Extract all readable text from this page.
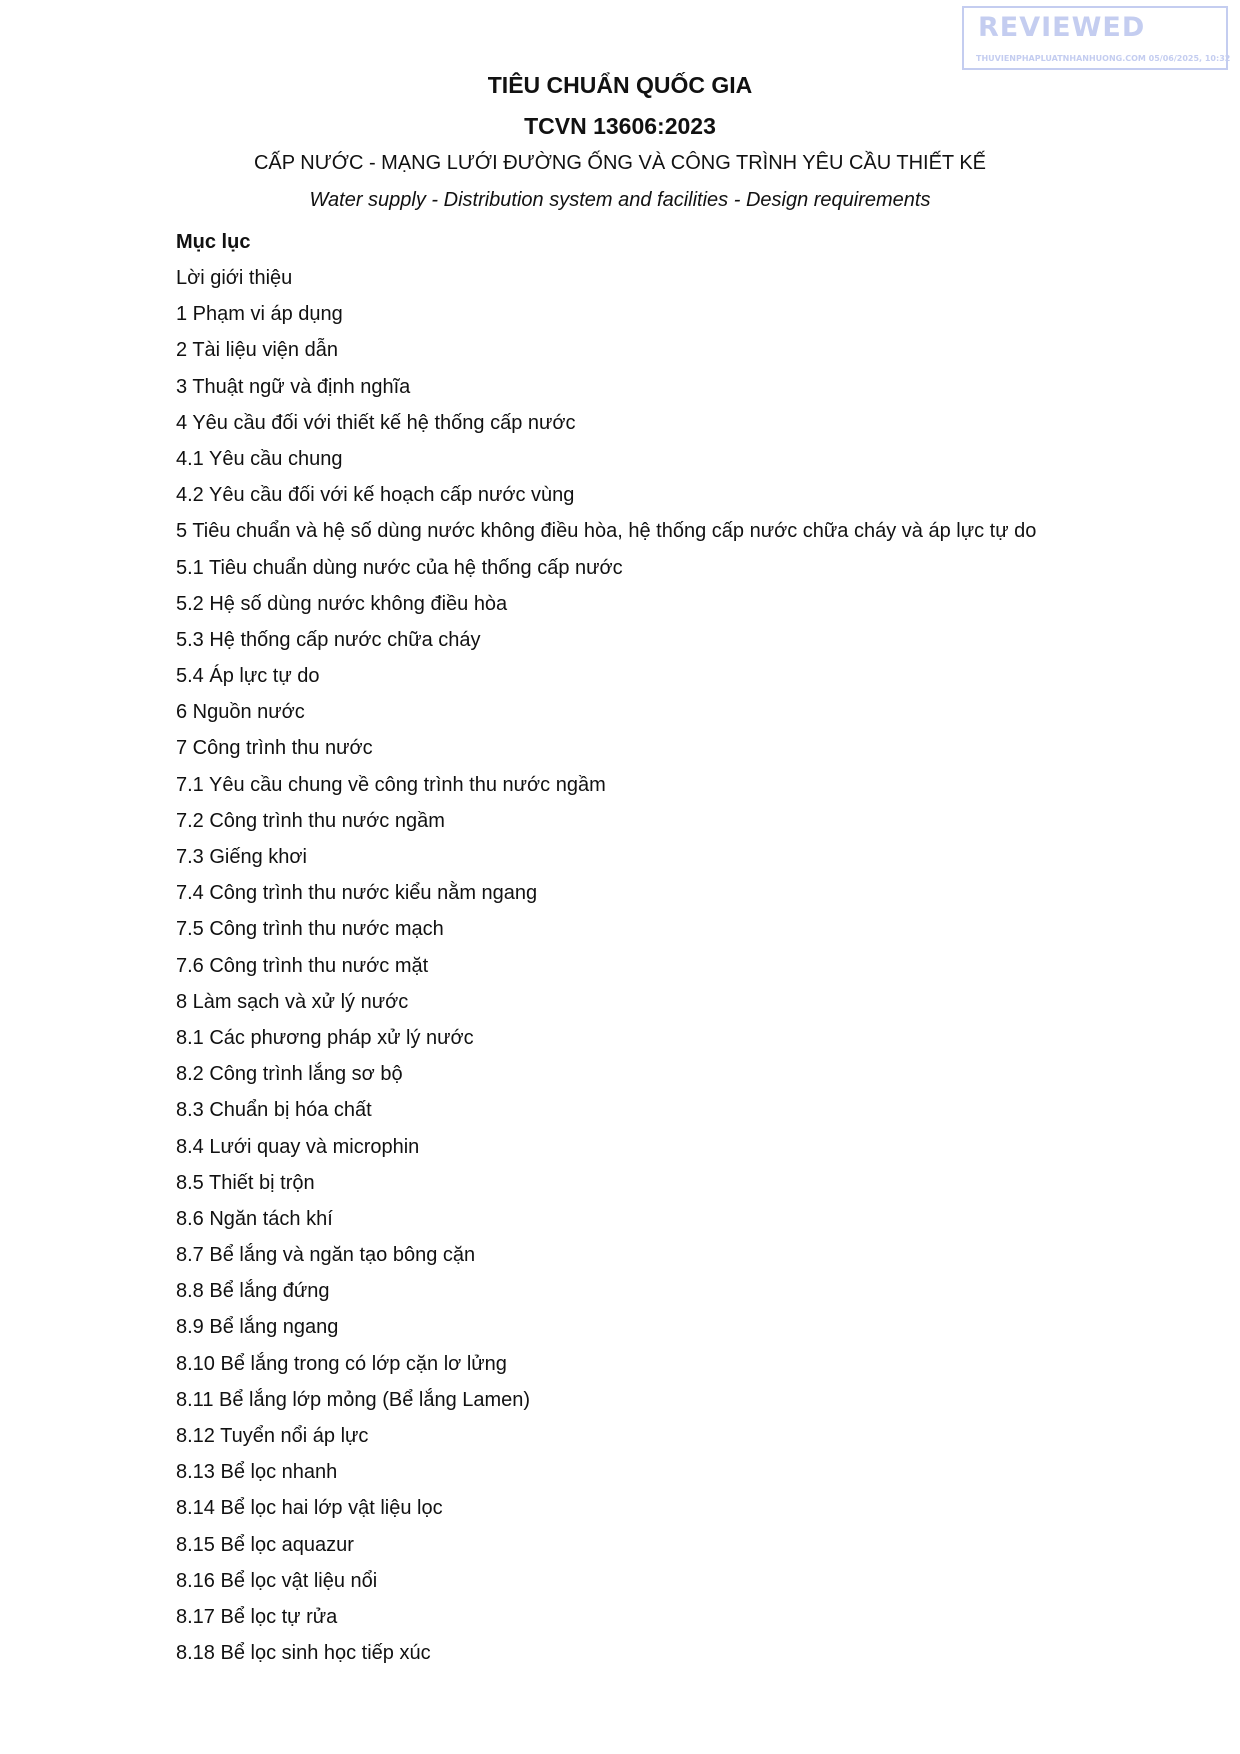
REVIEWED
THUVIENPHAPLUATNHANHUONG.COM 05/06/2025, 10:32
TIÊU CHUẨN QUỐC GIA
TCVN 13606:2023
CẤP NƯỚC - MẠNG LƯỚI ĐƯỜNG ỐNG VÀ CÔNG TRÌNH YÊU CẦU THIẾT KẾ
Water supply - Distribution system and facilities - Design requirements
Mục lục
Lời giới thiệu
1 Phạm vi áp dụng
2 Tài liệu viện dẫn
3 Thuật ngữ và định nghĩa
4 Yêu cầu đối với thiết kế hệ thống cấp nước
4.1 Yêu cầu chung
4.2 Yêu cầu đối với kế hoạch cấp nước vùng
5 Tiêu chuẩn và hệ số dùng nước không điều hòa, hệ thống cấp nước chữa cháy và áp lực tự do
5.1 Tiêu chuẩn dùng nước của hệ thống cấp nước
5.2 Hệ số dùng nước không điều hòa
5.3 Hệ thống cấp nước chữa cháy
5.4 Áp lực tự do
6 Nguồn nước
7 Công trình thu nước
7.1 Yêu cầu chung về công trình thu nước ngầm
7.2 Công trình thu nước ngầm
7.3 Giếng khơi
7.4 Công trình thu nước kiểu nằm ngang
7.5 Công trình thu nước mạch
7.6 Công trình thu nước mặt
8 Làm sạch và xử lý nước
8.1 Các phương pháp xử lý nước
8.2 Công trình lắng sơ bộ
8.3 Chuẩn bị hóa chất
8.4 Lưới quay và microphin
8.5 Thiết bị trộn
8.6 Ngăn tách khí
8.7 Bể lắng và ngăn tạo bông cặn
8.8 Bể lắng đứng
8.9 Bể lắng ngang
8.10 Bể lắng trong có lớp cặn lơ lửng
8.11 Bể lắng lớp mỏng (Bể lắng Lamen)
8.12 Tuyển nổi áp lực
8.13 Bể lọc nhanh
8.14 Bể lọc hai lớp vật liệu lọc
8.15 Bể lọc aquazur
8.16 Bể lọc vật liệu nổi
8.17 Bể lọc tự rửa
8.18 Bể lọc sinh học tiếp xúc
